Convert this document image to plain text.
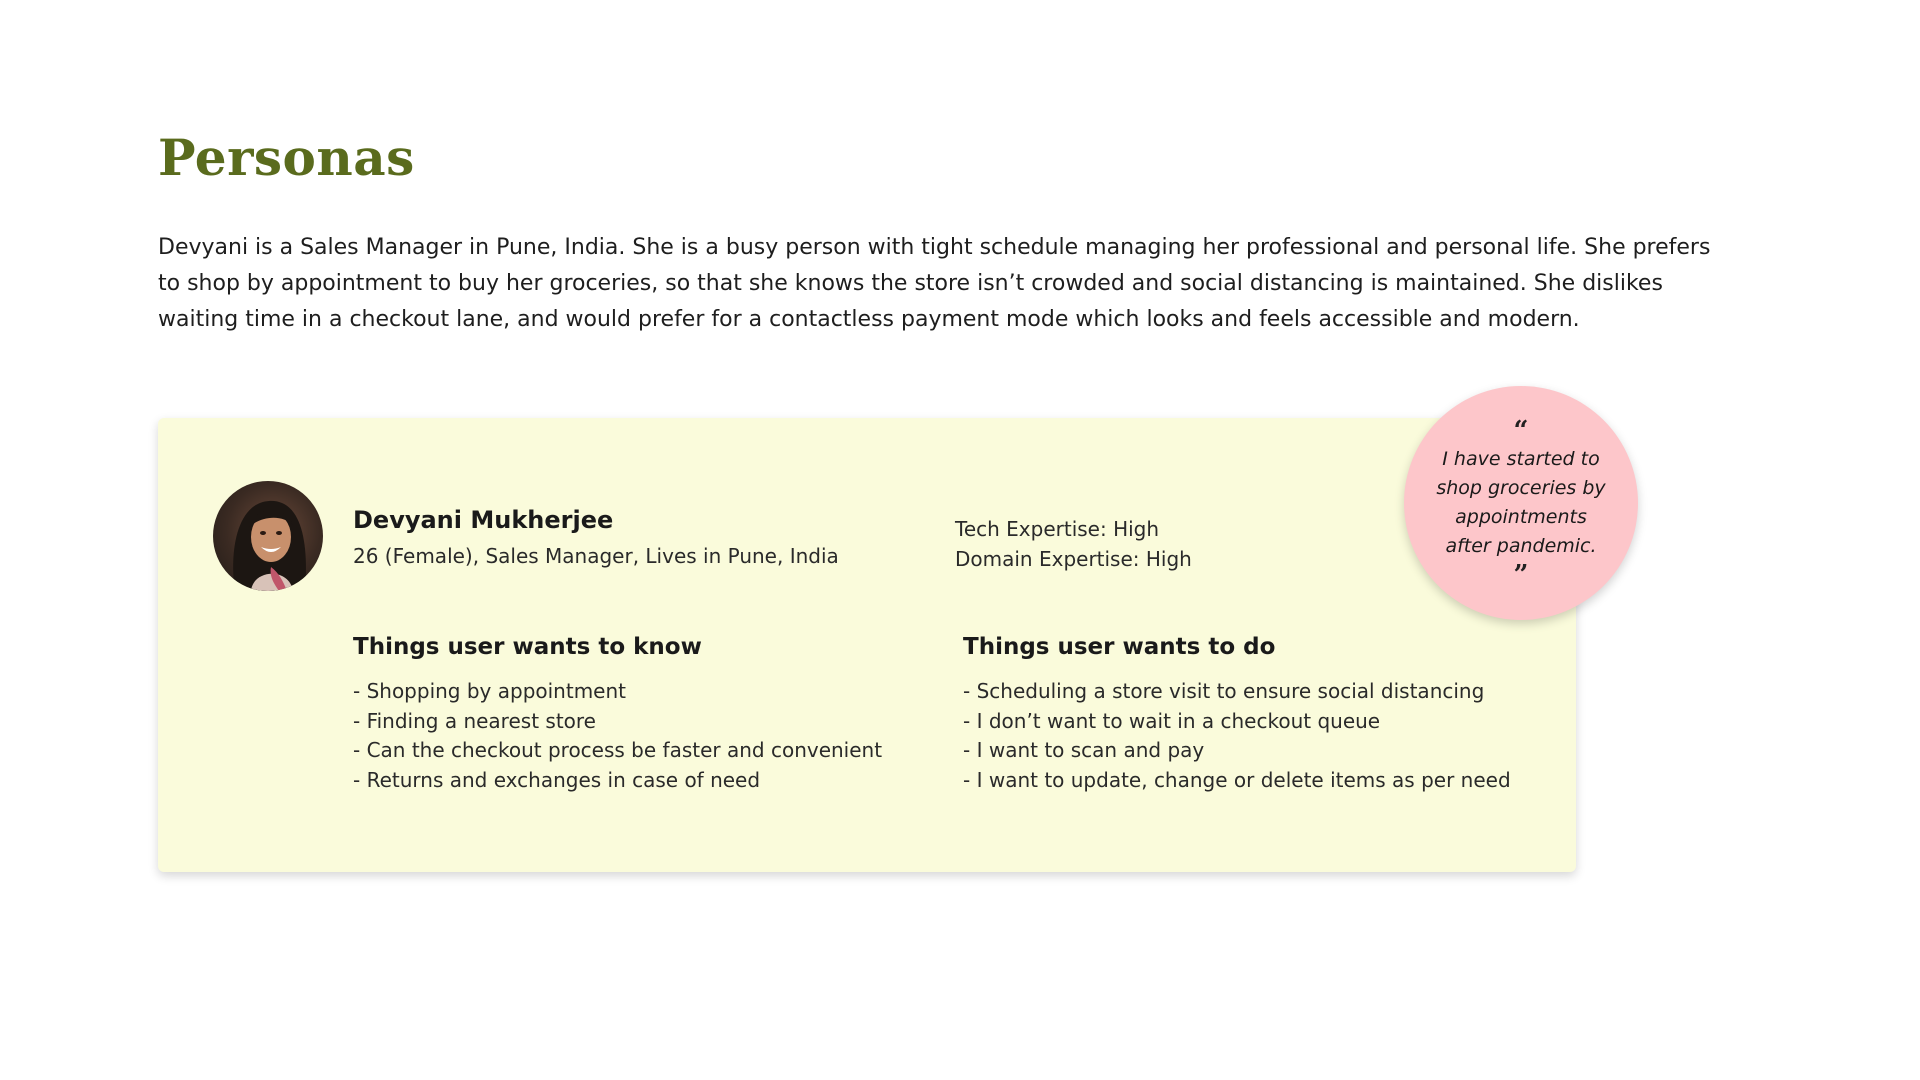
Personas

Devyani is a Sales Manager in Pune, India. She is a busy person with tight schedule managing her professional and personal life. She prefers to shop by appointment to buy her groceries, so that she knows the store isn’t crowded and social distancing is maintained. She dislikes waiting time in a checkout lane, and would prefer for a contactless payment mode which looks and feels accessible and modern.

Devyani Mukherjee
26 (Female), Sales Manager, Lives in Pune, India
Tech Expertise: High
Domain Expertise: High
Things user wants to know
- Shopping by appointment
- Finding a nearest store
- Can the checkout process be faster and convenient
- Returns and exchanges in case of need
Things user wants to do
- Scheduling a store visit to ensure social distancing
- I don’t want to wait in a checkout queue
- I want to scan and pay
- I want to update, change or delete items as per need
“
I have started to shop groceries by appointments after pandemic.
”
